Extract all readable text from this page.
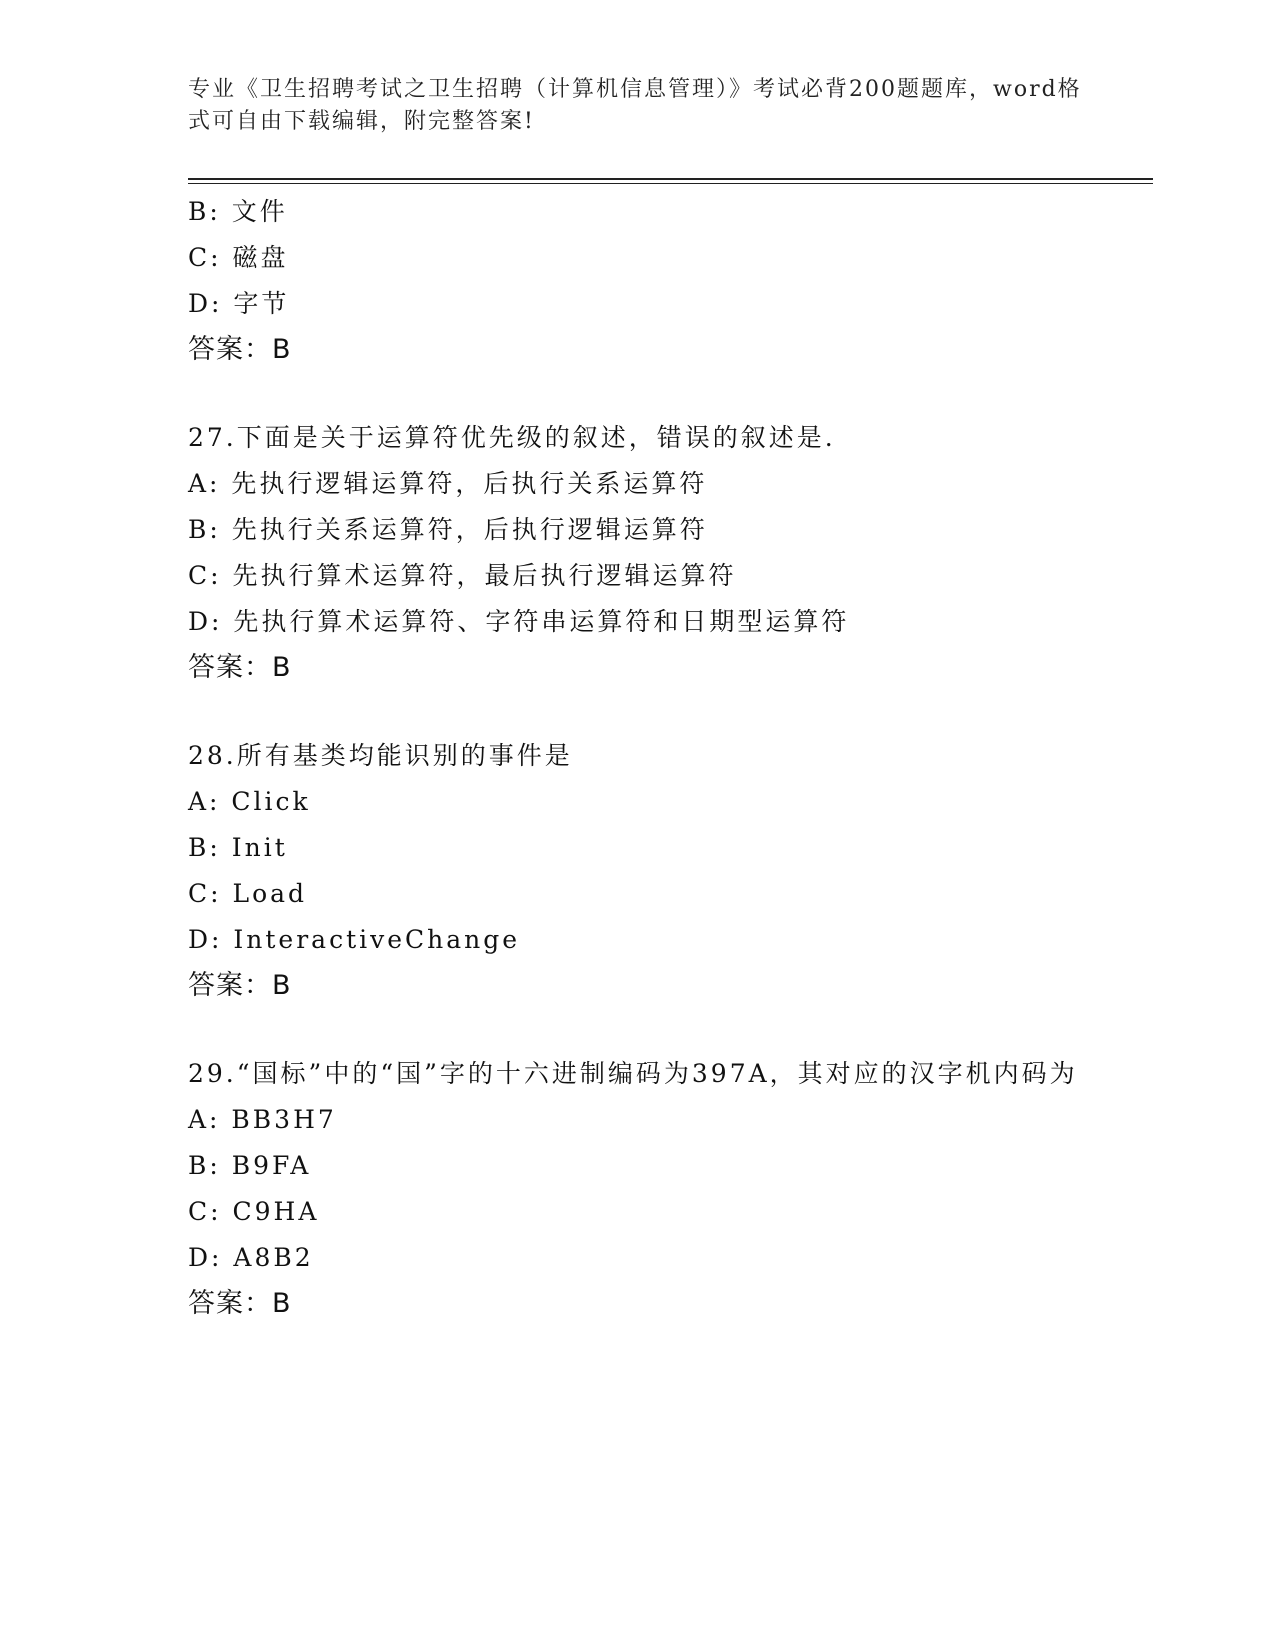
专业《卫生招聘考试之卫生招聘（计算机信息管理）》考试必背200题题库，word格式可自由下载编辑，附完整答案!
B: 文件
C: 磁盘
D: 字节
答案：B
27.下面是关于运算符优先级的叙述，错误的叙述是.
A: 先执行逻辑运算符，后执行关系运算符
B: 先执行关系运算符，后执行逻辑运算符
C: 先执行算术运算符，最后执行逻辑运算符
D: 先执行算术运算符、字符串运算符和日期型运算符
答案：B
28.所有基类均能识别的事件是
A: Click
B: Init
C: Load
D: InteractiveChange
答案：B
29.“国标”中的“国”字的十六进制编码为397A，其对应的汉字机内码为
A: BB3H7
B: B9FA
C: C9HA
D: A8B2
答案：B
